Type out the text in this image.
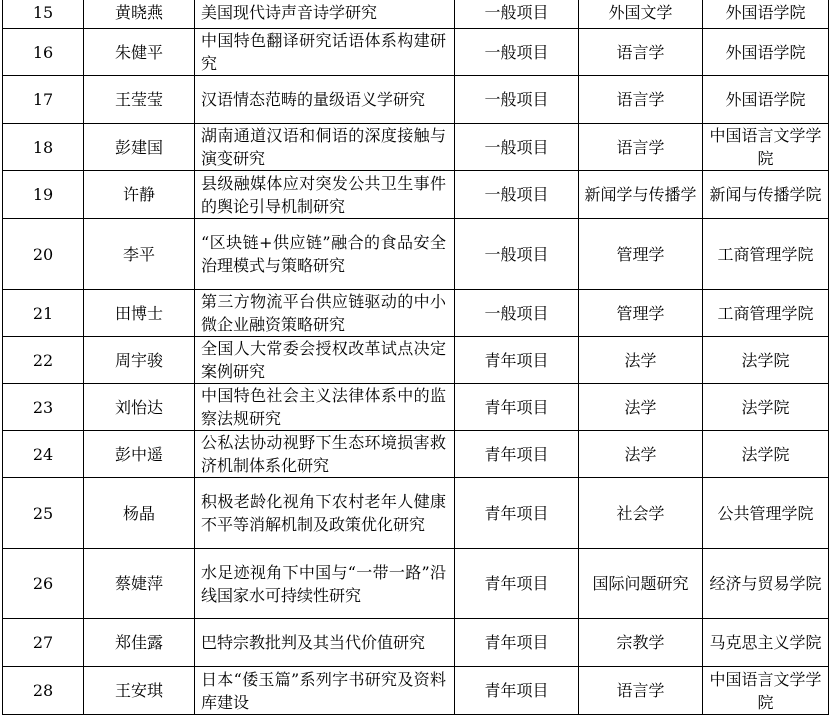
15	黄晓燕	美国现代诗声音诗学研究	一般项目	外国文学	外国语学院
16	朱健平	中国特色翻译研究话语体系构建研究	一般项目	语言学	外国语学院
17	王莹莹	汉语情态范畴的量级语义学研究	一般项目	语言学	外国语学院
18	彭建国	湖南通道汉语和侗语的深度接触与演变研究	一般项目	语言学	中国语言文学学院
19	许静	县级融媒体应对突发公共卫生事件的舆论引导机制研究	一般项目	新闻学与传播学	新闻与传播学院
20	李平	“区块链+供应链”融合的食品安全治理模式与策略研究	一般项目	管理学	工商管理学院
21	田博士	第三方物流平台供应链驱动的中小微企业融资策略研究	一般项目	管理学	工商管理学院
22	周宇骏	全国人大常委会授权改革试点决定案例研究	青年项目	法学	法学院
23	刘怡达	中国特色社会主义法律体系中的监察法规研究	青年项目	法学	法学院
24	彭中遥	公私法协动视野下生态环境损害救济机制体系化研究	青年项目	法学	法学院
25	杨晶	积极老龄化视角下农村老年人健康不平等消解机制及政策优化研究	青年项目	社会学	公共管理学院
26	蔡婕萍	水足迹视角下中国与“一带一路”沿线国家水可持续性研究	青年项目	国际问题研究	经济与贸易学院
27	郑佳露	巴特宗教批判及其当代价值研究	青年项目	宗教学	马克思主义学院
28	王安琪	日本“倭玉篇”系列字书研究及资料库建设	青年项目	语言学	中国语言文学学院
